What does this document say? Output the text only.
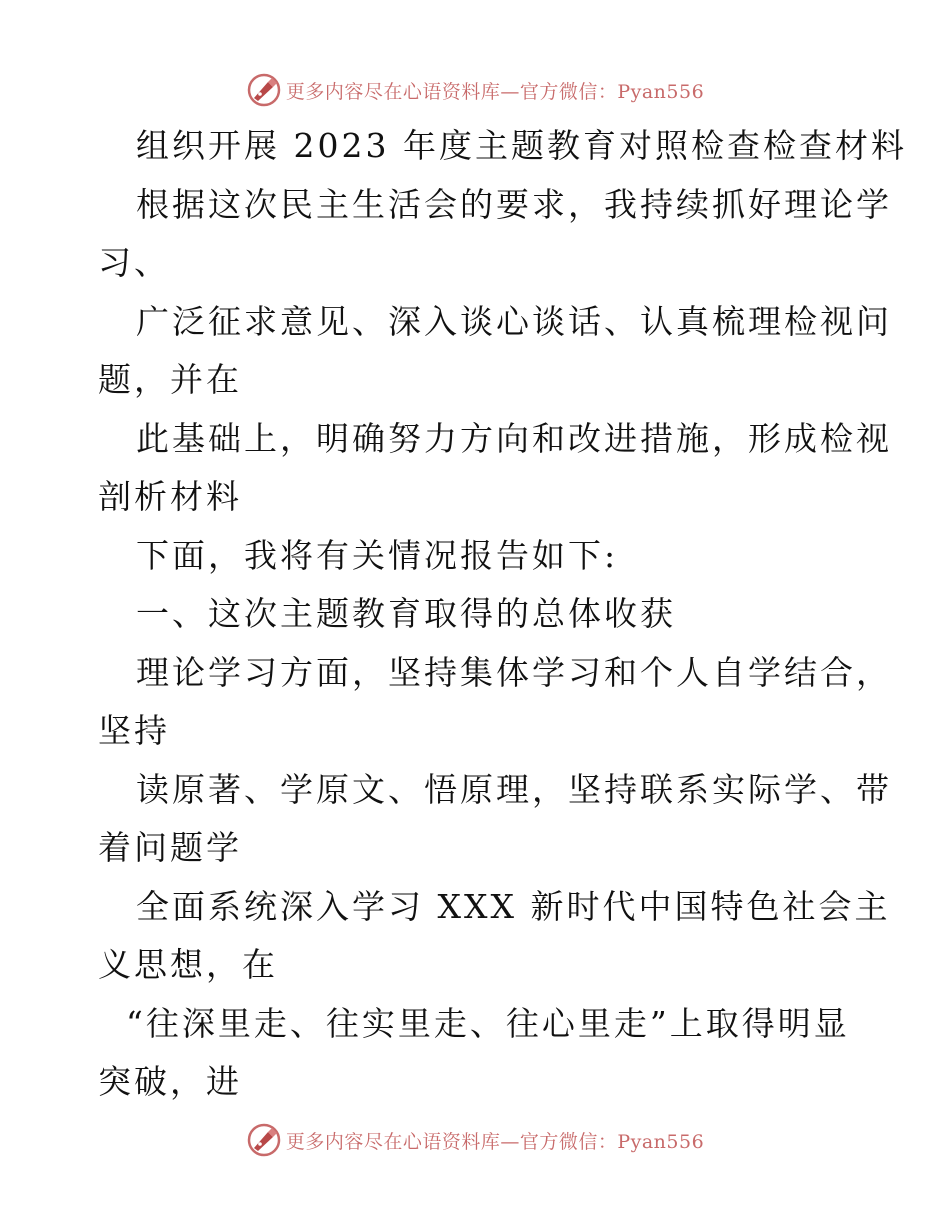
更多内容尽在心语资料库—官方微信：Pyan556
组织开展 2023 年度主题教育对照检查检查材料
根据这次民主生活会的要求，我持续抓好理论学
习、
广泛征求意见、深入谈心谈话、认真梳理检视问
题，并在
此基础上，明确努力方向和改进措施，形成检视
剖析材料
下面，我将有关情况报告如下:
一、这次主题教育取得的总体收获
理论学习方面，坚持集体学习和个人自学结合，
坚持
读原著、学原文、悟原理，坚持联系实际学、带
着问题学
全面系统深入学习 XXX 新时代中国特色社会主
义思想，在
“往深里走、往实里走、往心里走”上取得明显
突破，进
更多内容尽在心语资料库—官方微信：Pyan556
